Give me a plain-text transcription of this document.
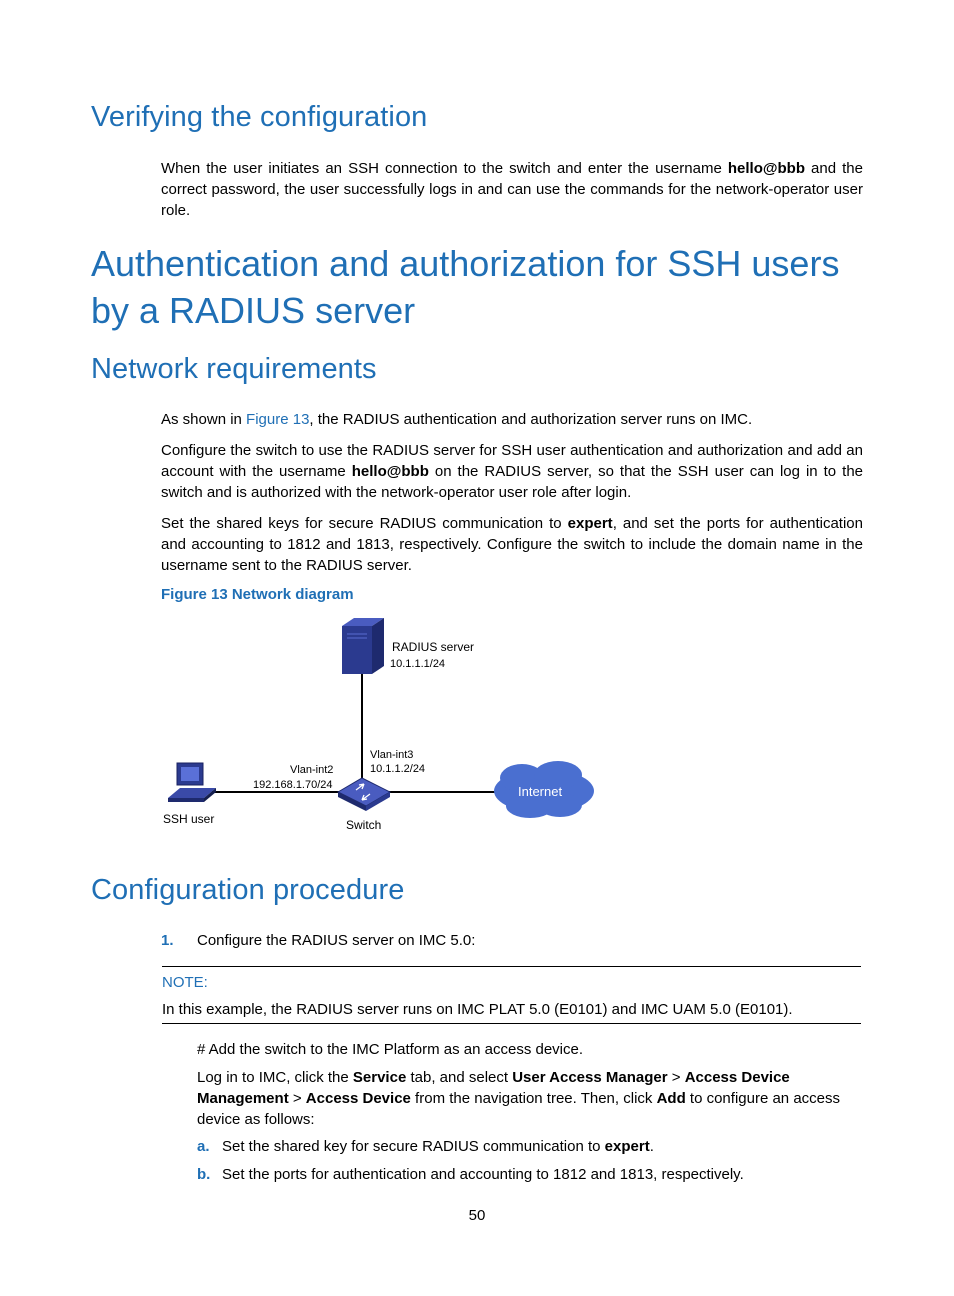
Verifying the configuration

When the user initiates an SSH connection to the switch and enter the username hello@bbb and the correct password, the user successfully logs in and can use the commands for the network-operator user role.

Authentication and authorization for SSH users by a RADIUS server
Network requirements

As shown in Figure 13, the RADIUS authentication and authorization server runs on IMC.

Configure the switch to use the RADIUS server for SSH user authentication and authorization and add an account with the username hello@bbb on the RADIUS server, so that the SSH user can log in to the switch and is authorized with the network-operator user role after login.

Set the shared keys for secure RADIUS communication to expert, and set the ports for authentication and accounting to 1812 and 1813, respectively. Configure the switch to include the domain name in the username sent to the RADIUS server.

Figure 13 Network diagram

RADIUS server
10.1.1.1/24
SSH user	Switch
Internet
Vlan-int3
10.1.1.2/24
Vlan-int2
192.168.1.70/24
Configuration procedure
1. Configure the RADIUS server on IMC 5.0:
NOTE:
In this example, the RADIUS server runs on IMC PLAT 5.0 (E0101) and IMC UAM 5.0 (E0101).

# Add the switch to the IMC Platform as an access device.

Log in to IMC, click the Service tab, and select User Access Manager > Access Device Management > Access Device from the navigation tree. Then, click Add to configure an access device as follows:

a. Set the shared key for secure RADIUS communication to expert.
b. Set the ports for authentication and accounting to 1812 and 1813, respectively.
50
